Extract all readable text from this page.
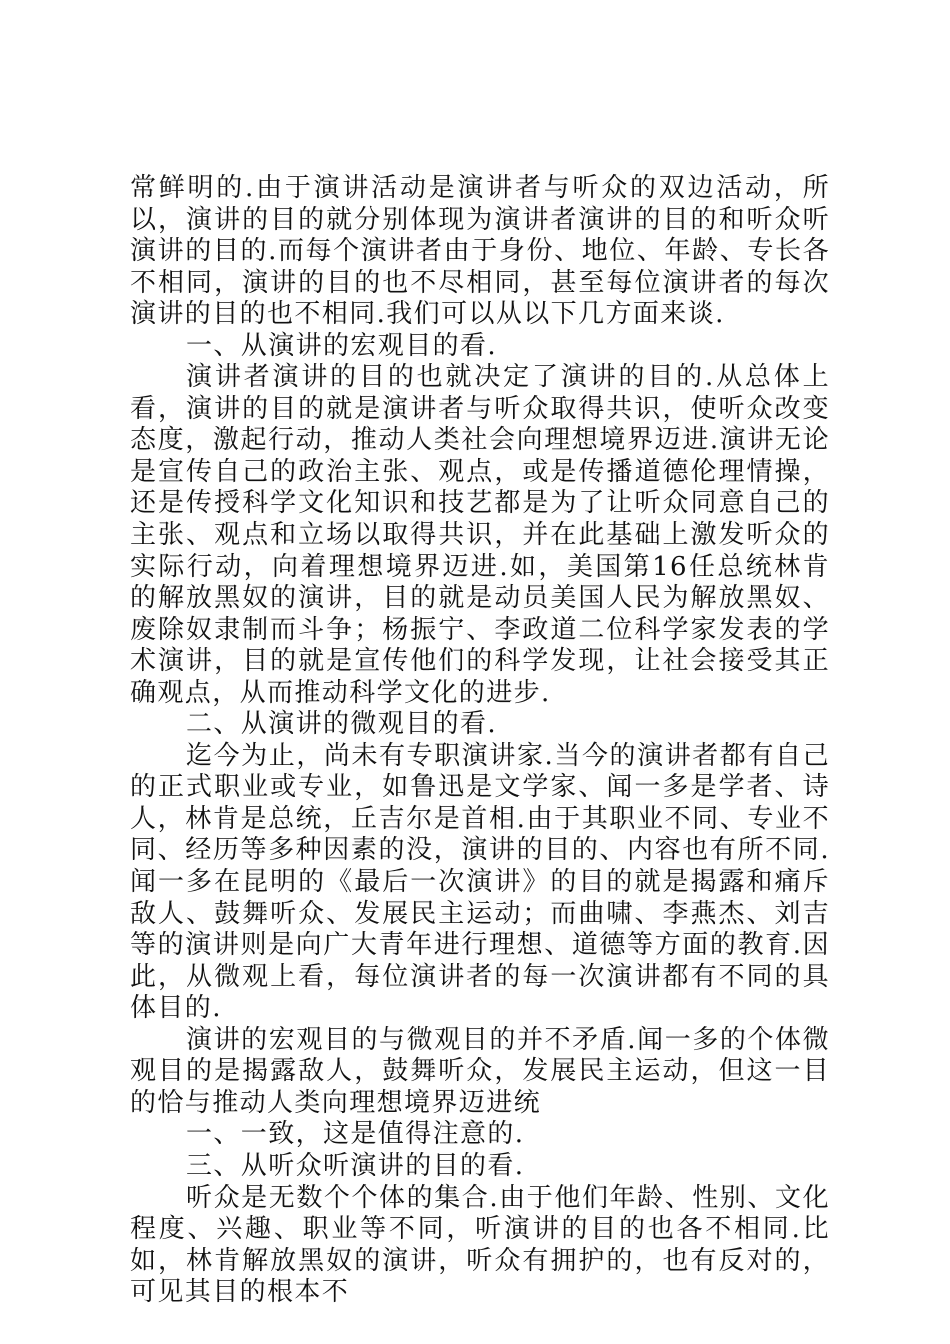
常鲜明的.由于演讲活动是演讲者与听众的双边活动，所以，演讲的目的就分别体现为演讲者演讲的目的和听众听演讲的目的.而每个演讲者由于身份、地位、年龄、专长各不相同，演讲的目的也不尽相同，甚至每位演讲者的每次演讲的目的也不相同.我们可以从以下几方面来谈.

一、从演讲的宏观目的看.

演讲者演讲的目的也就决定了演讲的目的.从总体上看，演讲的目的就是演讲者与听众取得共识，使听众改变态度，激起行动，推动人类社会向理想境界迈进.演讲无论是宣传自己的政治主张、观点，或是传播道德伦理情操，还是传授科学文化知识和技艺都是为了让听众同意自己的主张、观点和立场以取得共识，并在此基础上激发听众的实际行动，向着理想境界迈进.如，美国第16任总统林肯的解放黑奴的演讲，目的就是动员美国人民为解放黑奴、废除奴隶制而斗争；杨振宁、李政道二位科学家发表的学术演讲，目的就是宣传他们的科学发现，让社会接受其正确观点，从而推动科学文化的进步.

二、从演讲的微观目的看.

迄今为止，尚未有专职演讲家.当今的演讲者都有自己的正式职业或专业，如鲁迅是文学家、闻一多是学者、诗人，林肯是总统，丘吉尔是首相.由于其职业不同、专业不同、经历等多种因素的没，演讲的目的、内容也有所不同.闻一多在昆明的《最后一次演讲》的目的就是揭露和痛斥敌人、鼓舞听众、发展民主运动；而曲啸、李燕杰、刘吉等的演讲则是向广大青年进行理想、道德等方面的教育.因此，从微观上看，每位演讲者的每一次演讲都有不同的具体目的.

演讲的宏观目的与微观目的并不矛盾.闻一多的个体微观目的是揭露敌人，鼓舞听众，发展民主运动，但这一目的恰与推动人类向理想境界迈进统

一、一致，这是值得注意的.

三、从听众听演讲的目的看.

听众是无数个个体的集合.由于他们年龄、性别、文化程度、兴趣、职业等不同，听演讲的目的也各不相同.比如，林肯解放黑奴的演讲，听众有拥护的，也有反对的，可见其目的根本不
